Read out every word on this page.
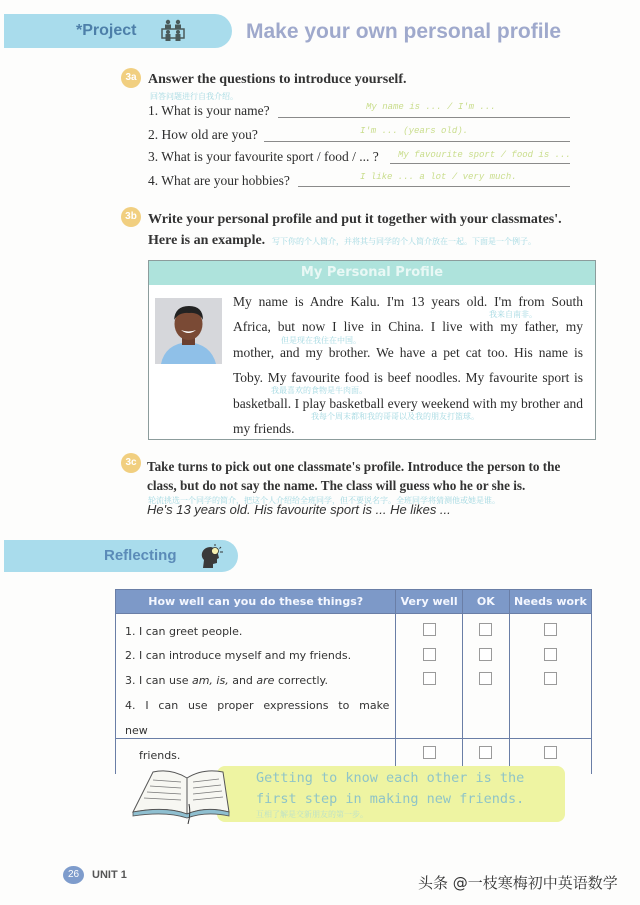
*Project	Make your own personal profile
3a Answer the questions to introduce yourself.
回答问题进行自我介绍。
1. What is your name?	My name is ... / I'm ...
2. How old are you?	I'm ... (years old).
3. What is your favourite sport / food / ... ? My favourite sport / food is ...
4. What are your hobbies?	I like ... a lot / very much.
3b Write your personal profile and put it together with your classmates'.
Here is an example. 写下你的个人简介，并将其与同学的个人简介放在一起。下面是一个例子。
My Personal Profile
My name is Andre Kalu. I'm 13 years old. I'm from South Africa, but now I live in China. I live with my father, my mother, and my brother. We have a pet cat too. His name is Toby. My favourite food is beef noodles. My favourite sport is basketball. I play basketball every weekend with my brother and my friends.
我来自南非。
但是现在我住在中国。
我最喜欢的食物是牛肉面。
我每个周末都和我的哥哥以及我的朋友打篮球。
3c Take turns to pick out one classmate's profile. Introduce the person to the
class, but do not say the name. The class will guess who he or she is.
轮流挑选一个同学的简介，把这个人介绍给全班同学，但不要说名字。全班同学将猜测他或她是谁。
He's 13 years old. His favourite sport is ... He likes ...
Reflecting
How well can you do these things?	Very well	OK	Needs work
1. I can greet people.			
2. I can introduce myself and my friends.			
3. I can use am, is, and are correctly.			
4. I can use proper expressions to make new
friends.			
Getting to know each other is the first step in making new friends.
互相了解是交新朋友的第一步。
26	UNIT 1	头条 @一枝寒梅初中英语数学
